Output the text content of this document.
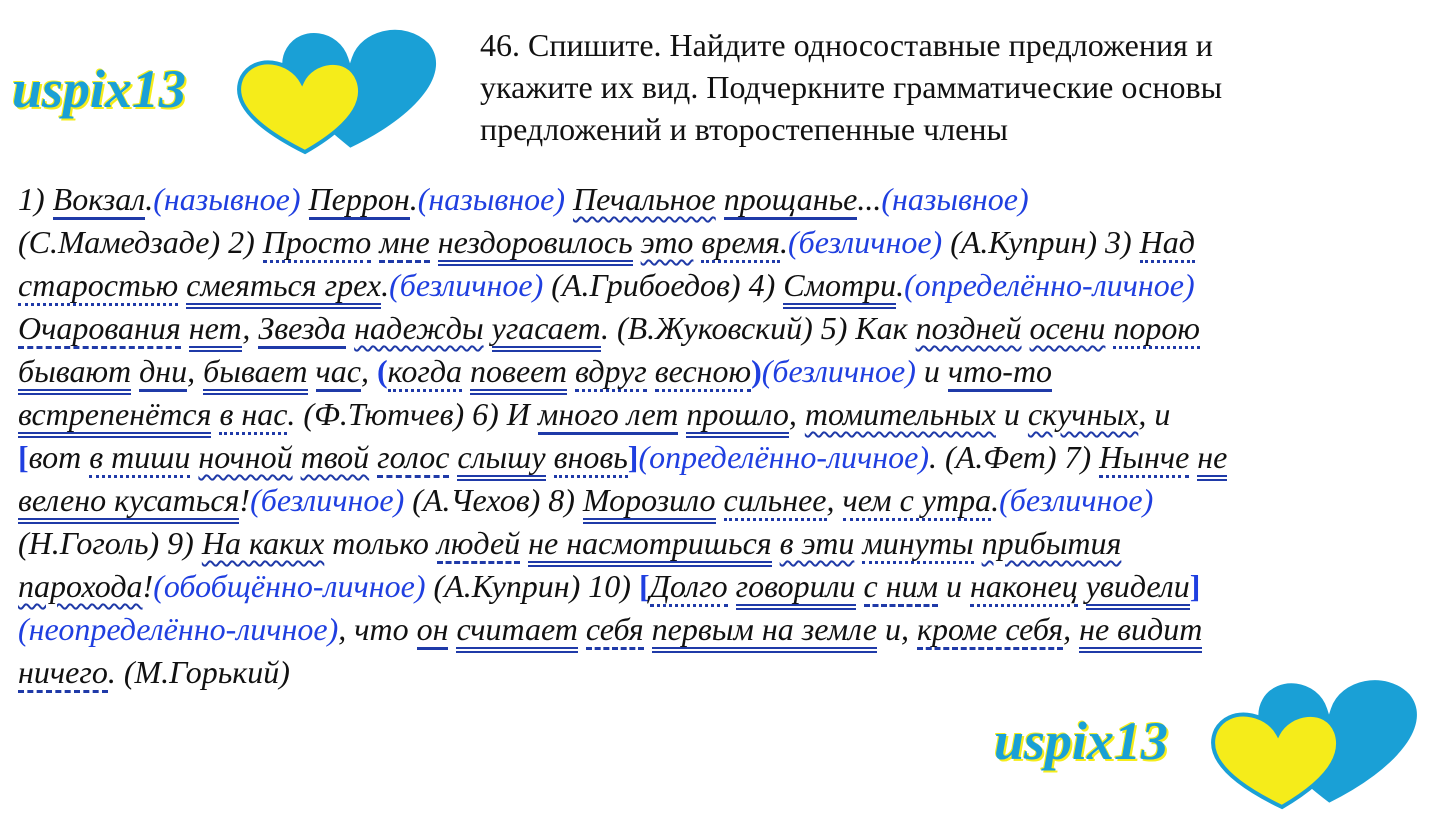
uspix13
46. Спишите. Найдите односоставные предложения и
укажите их вид. Подчеркните грамматические основы
предложений и второстепенные члены
1) Вокзал.(назывное) Перрон.(назывное) Печальное прощанье...(назывное)
(С.Мамедзаде) 2) Просто мне нездоровилось это время.(безличное) (А.Куприн) 3) Над
старостью смеяться грех.(безличное) (А.Грибоедов) 4) Смотри.(определённо-личное)
Очарования нет, Звезда надежды угасает. (В.Жуковский) 5) Как поздней осени порою
бывают дни, бывает час, (когда повеет вдруг весною)(безличное) и что-то
встрепенётся в нас. (Ф.Тютчев) 6) И много лет прошло, томительных и скучных, и
[вот в тиши ночной твой голос слышу вновь](определённо-личное). (А.Фет) 7) Нынче не
велено кусаться!(безличное) (А.Чехов) 8) Морозило сильнее, чем с утра.(безличное)
(Н.Гоголь) 9) На каких только людей не насмотришься в эти минуты прибытия
парохода!(обобщённо-личное) (А.Куприн) 10) [Долго говорили с ним и наконец увидели]
(неопределённо-личное), что он считает себя первым на земле и, кроме себя, не видит
ничего. (М.Горький)
uspix13
